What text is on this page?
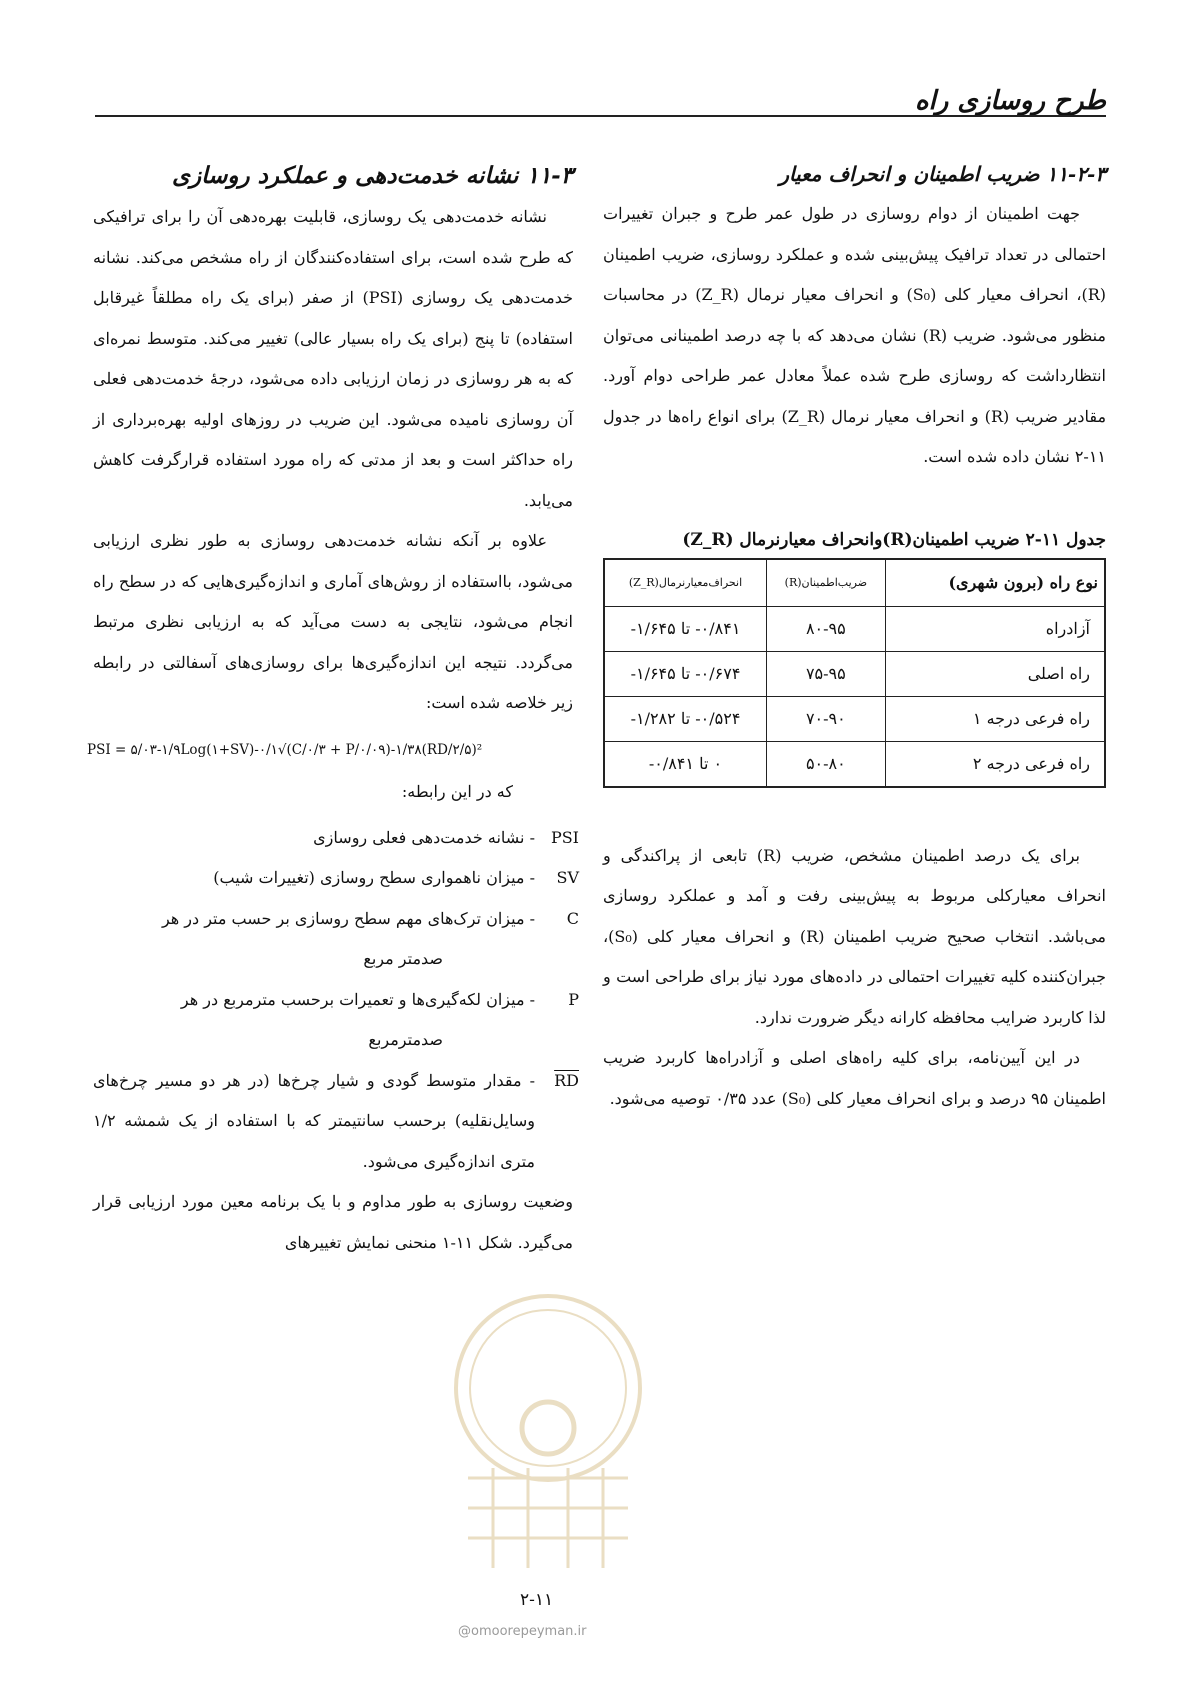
طرح روسازی راه
۱۱-۲-۳ ضریب اطمینان و انحراف معیار

جهت اطمینان از دوام روسازی در طول عمر طرح و جبران تغییرات احتمالی در تعداد ترافیک پیش‌بینی شده و عملکرد روسازی، ضریب اطمینان (R)، انحراف معیار کلی (S₀) و انحراف معیار نرمال (Z_R) در محاسبات منظور می‌شود. ضریب (R) نشان می‌دهد که با چه درصد اطمینانی می‌توان انتظارداشت که روسازی طرح شده عملاً معادل عمر طراحی دوام آورد. مقادیر ضریب (R) و انحراف معیار نرمال (Z_R) برای انواع راه‌ها در جدول ۱۱-۲ نشان داده شده است.

جدول ۱۱-۲ ضریب اطمینان(R)وانحراف معیارنرمال (Z_R)
نوع راه (برون شهری)	ضریب‌اطمینان(R)	انحراف‌معیارنرمال(Z_R)
آزادراه	۸۰-۹۵	۰/۸۴۱- تا ۱/۶۴۵-
راه اصلی	۷۵-۹۵	۰/۶۷۴- تا ۱/۶۴۵-
راه فرعی درجه ۱	۷۰-۹۰	۰/۵۲۴- تا ۱/۲۸۲-
راه فرعی درجه ۲	۵۰-۸۰	۰ تا ۰/۸۴۱-

برای یک درصد اطمینان مشخص، ضریب (R) تابعی از پراکندگی و انحراف معیارکلی مربوط به پیش‌بینی رفت و آمد و عملکرد روسازی می‌باشد. انتخاب صحیح ضریب اطمینان (R) و انحراف معیار کلی (S₀)، جبران‌کننده کلیه تغییرات احتمالی در داده‌های مورد نیاز برای طراحی است و لذا کاربرد ضرایب محافظه کارانه دیگر ضرورت ندارد.

در این آیین‌نامه، برای کلیه راه‌های اصلی و آزادراه‌ها کاربرد ضریب اطمینان ۹۵ درصد و برای انحراف معیار کلی (S₀) عدد ۰/۳۵ توصیه می‌شود.

۱۱-۳ نشانه خدمت‌دهی و عملکرد روسازی

نشانه خدمت‌دهی یک روسازی، قابلیت بهره‌دهی آن را برای ترافیکی که طرح شده است، برای استفاده‌کنندگان از راه مشخص می‌کند. نشانه خدمت‌دهی یک روسازی (PSI) از صفر (برای یک راه مطلقاً غیرقابل استفاده) تا پنج (برای یک راه بسیار عالی) تغییر می‌کند. متوسط نمره‌ای که به هر روسازی در زمان ارزیابی داده می‌شود، درجهٔ خدمت‌دهی فعلی آن روسازی نامیده می‌شود. این ضریب در روزهای اولیه بهره‌برداری از راه حداکثر است و بعد از مدتی که راه مورد استفاده قرارگرفت کاهش می‌یابد.

علاوه بر آنکه نشانه خدمت‌دهی روسازی به طور نظری ارزیابی می‌شود، بااستفاده از روش‌های آماری و اندازه‌گیری‌هایی که در سطح راه انجام می‌شود، نتایجی به دست می‌آید که به ارزیابی نظری مرتبط می‌گردد. نتیجه این اندازه‌گیری‌ها برای روسازی‌های آسفالتی در رابطه زیر خلاصه شده است:

PSI = ۵/۰۳-۱/۹Log(۱+SV)-۰/۱√(C/۰/۳ + P/۰/۰۹)-۱/۳۸(RD/۲/۵)²
که در این رابطه:

PSI
- نشانه خدمت‌دهی فعلی روسازی

SV
- میزان ناهمواری سطح روسازی (تغییرات شیب)

C
- میزان ترک‌های مهم سطح روسازی بر حسب متر در هر

صدمتر مربع

P
- میزان لکه‌گیری‌ها و تعمیرات برحسب مترمربع در هر

صدمترمربع

$\overline{RD}$
- مقدار متوسط گودی و شیار چرخ‌ها (در هر دو مسیر چرخ‌های وسایل‌نقلیه) برحسب سانتیمتر که با استفاده از یک شمشه ۱/۲ متری اندازه‌گیری می‌شود.

وضعیت روسازی به طور مداوم و با یک برنامه معین مورد ارزیابی قرار می‌گیرد. شکل ۱۱-۱ منحنی نمایش تغییرهای

۲-۱۱
@omoorepeyman.ir
